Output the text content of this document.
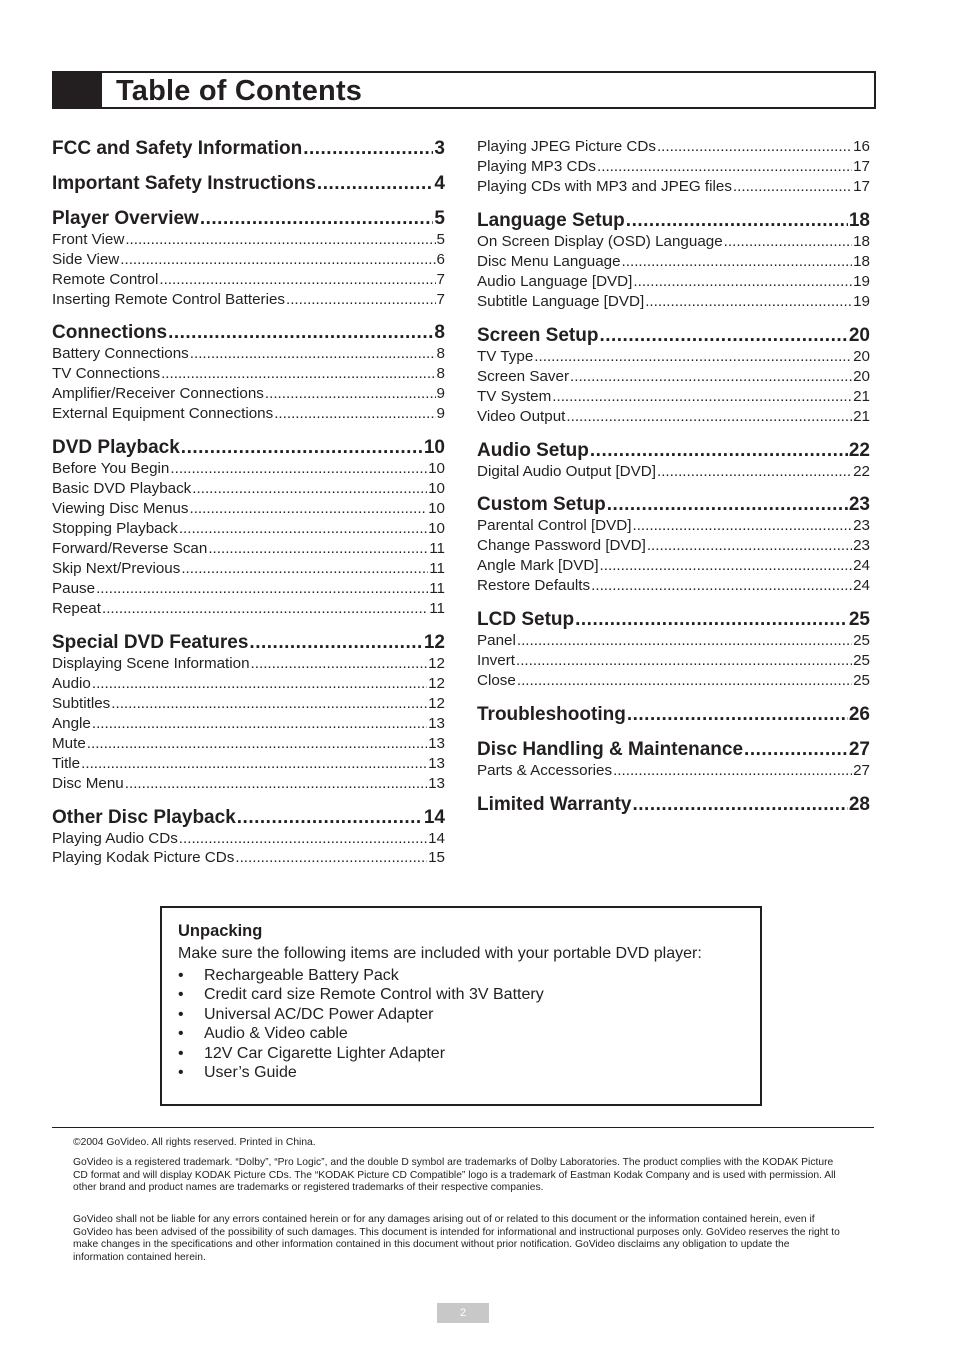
Table of Contents
FCC and Safety Information .....	3
Important Safety Instructions .....	4
Player Overview .....	5
Front View .....	5
Side View .....	6
Remote Control .....	7
Inserting Remote Control Batteries .....	7
Connections .....	8
Battery Connections .....	8
TV Connections .....	8
Amplifier/Receiver Connections .....	9
External Equipment Connections .....	9
DVD Playback .....	10
Before You Begin .....	10
Basic DVD Playback .....	10
Viewing Disc Menus .....	10
Stopping Playback .....	10
Forward/Reverse Scan .....	11
Skip Next/Previous .....	11
Pause .....	11
Repeat .....	11
Special DVD Features .....	12
Displaying Scene Information .....	12
Audio .....	12
Subtitles .....	12
Angle .....	13
Mute .....	13
Title .....	13
Disc Menu .....	13
Other Disc Playback .....	14
Playing Audio CDs .....	14
Playing Kodak Picture CDs .....	15
Playing JPEG Picture CDs .....	16
Playing MP3 CDs .....	17
Playing CDs with MP3 and JPEG files .....	17
Language Setup .....	18
On Screen Display (OSD) Language .....	18
Disc Menu Language .....	18
Audio Language [DVD] .....	19
Subtitle Language [DVD] .....	19
Screen Setup .....	20
TV Type .....	20
Screen Saver .....	20
TV System .....	21
Video Output .....	21
Audio Setup .....	22
Digital Audio Output [DVD] .....	22
Custom Setup .....	23
Parental Control [DVD] .....	23
Change Password [DVD] .....	23
Angle Mark [DVD] .....	24
Restore Defaults .....	24
LCD Setup .....	25
Panel .....	25
Invert .....	25
Close .....	25
Troubleshooting .....	26
Disc Handling & Maintenance .....	27
Parts & Accessories .....	27
Limited Warranty .....	28
Unpacking
Make sure the following items are included with your portable DVD player:
• Rechargeable Battery Pack
• Credit card size Remote Control with 3V Battery
• Universal AC/DC Power Adapter
• Audio & Video cable
• 12V Car Cigarette Lighter Adapter
• User’s Guide
©2004 GoVideo. All rights reserved. Printed in China.
GoVideo is a registered trademark. “Dolby”, “Pro Logic”, and the double D symbol are trademarks of Dolby Laboratories. The product complies with the KODAK Picture CD format and will display KODAK Picture CDs. The “KODAK Picture CD Compatible” logo is a trademark of Eastman Kodak Company and is used with permission. All other brand and product names are trademarks or registered trademarks of their respective companies.
GoVideo shall not be liable for any errors contained herein or for any damages arising out of or related to this document or the information contained herein, even if GoVideo has been advised of the possibility of such damages. This document is intended for informational and instructional purposes only. GoVideo reserves the right to make changes in the specifications and other information contained in this document without prior notification. GoVideo disclaims any obligation to update the information contained herein.
2
